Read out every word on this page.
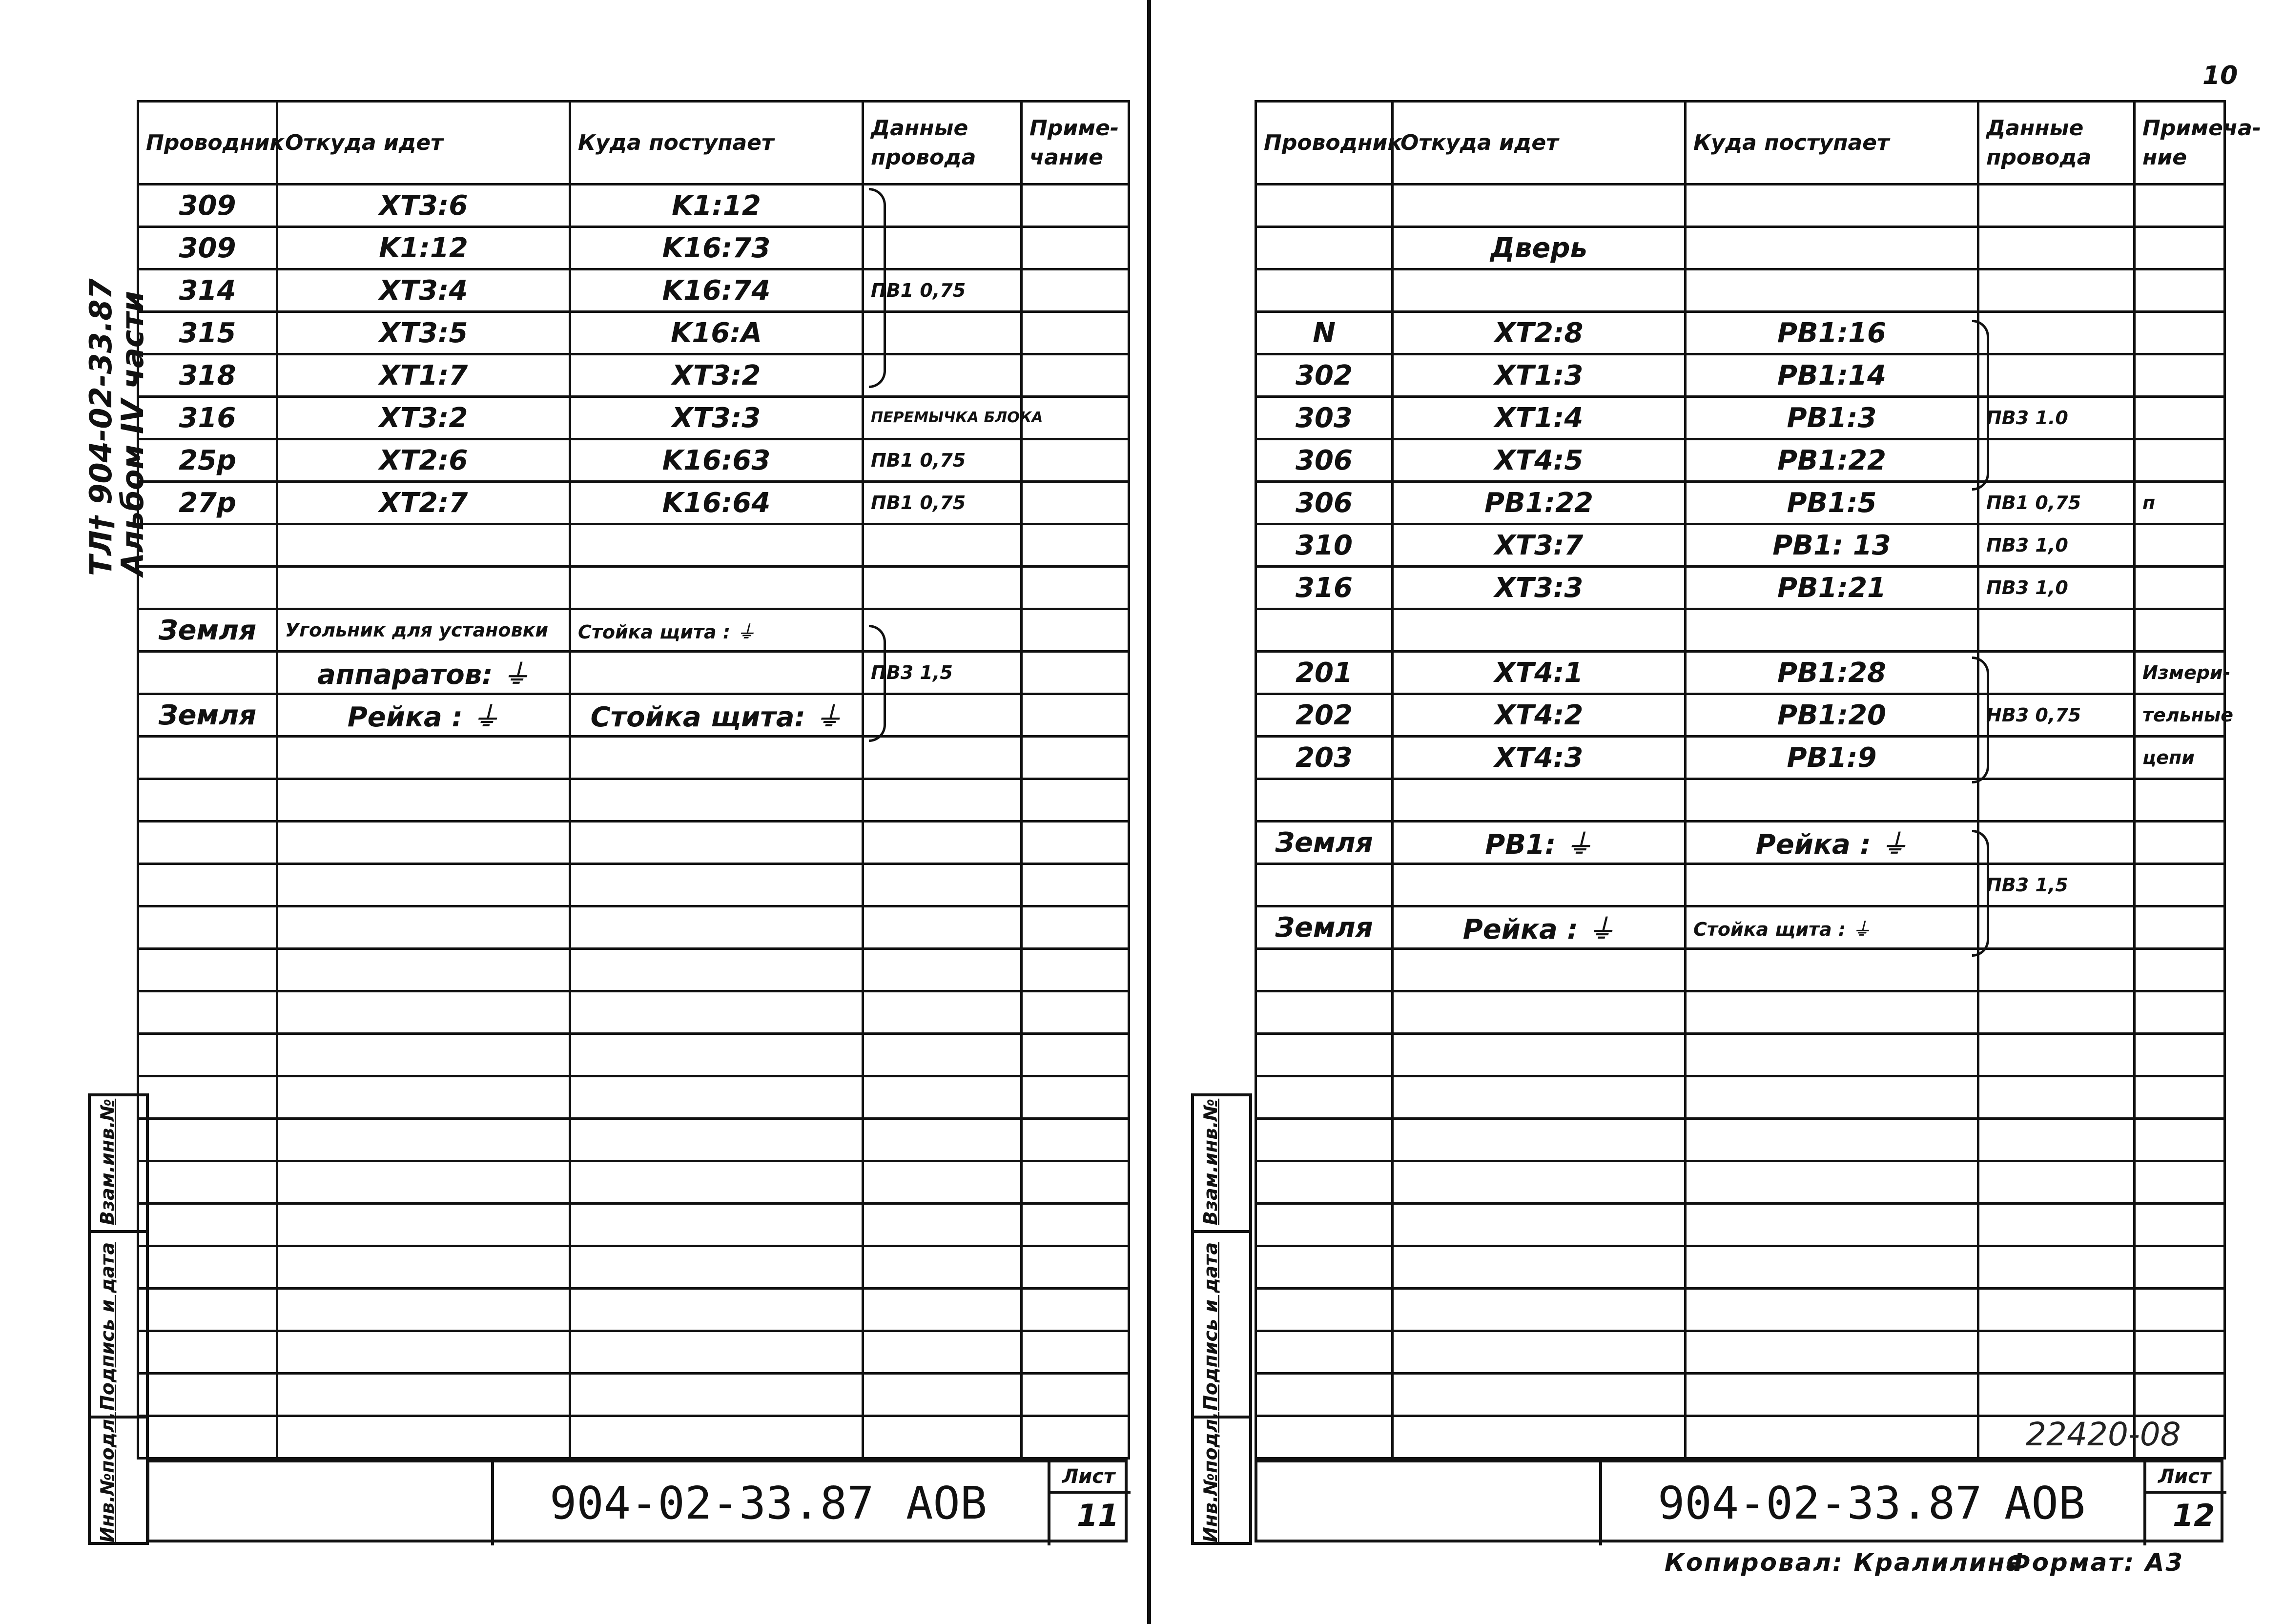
10
ТЛ† 904-02-33.87
Альбом IV части
Проводник	Откуда идет	Куда поступает	Данные провода	Приме-чание
309	XT3:6	K1:12		
309	K1:12	K16:73		
314	XT3:4	K16:74	ПВ1 0,75	
315	XT3:5	K16:A		
318	XT1:7	XT3:2		
316	XT3:2	XT3:3	ПЕРЕМЫЧКА БЛОКА	
25р	XT2:6	K16:63	ПВ1 0,75	
27р	XT2:7	K16:64	ПВ1 0,75	

Земля	Угольник для установки	Стойка щита : ⏚		
	аппаратов: ⏚		ПВ3 1,5	
Земля	Рейка : ⏚	Стойка щита: ⏚		

Инв.№подл.
Подпись и дата
Взам.инв.№
904-02-33.87 АОВ
Лист
11
Проводник	Откуда идет	Куда поступает	Данные провода	Примеча-ние

	Дверь			

N	XT2:8	РВ1:16		
302	XT1:3	РВ1:14		
303	XT1:4	РВ1:3	ПВ3 1.0	
306	XT4:5	РВ1:22		
306	РВ1:22	РВ1:5	ПВ1 0,75	п
310	XT3:7	РВ1: 13	ПВ3 1,0	
316	XT3:3	РВ1:21	ПВ3 1,0	

201	XT4:1	РВ1:28		Измери-
202	XT4:2	РВ1:20	НВ3 0,75	тельные
203	XT4:3	РВ1:9		цепи

Земля	РВ1: ⏚	Рейка : ⏚		
			ПВ3 1,5	
Земля	Рейка : ⏚	Стойка щита : ⏚		

22420-08
Инв.№подл.
Подпись и дата
Взам.инв.№
904-02-33.87 АОВ
Лист
12
Копировал: Кралилина
Формат: А3
